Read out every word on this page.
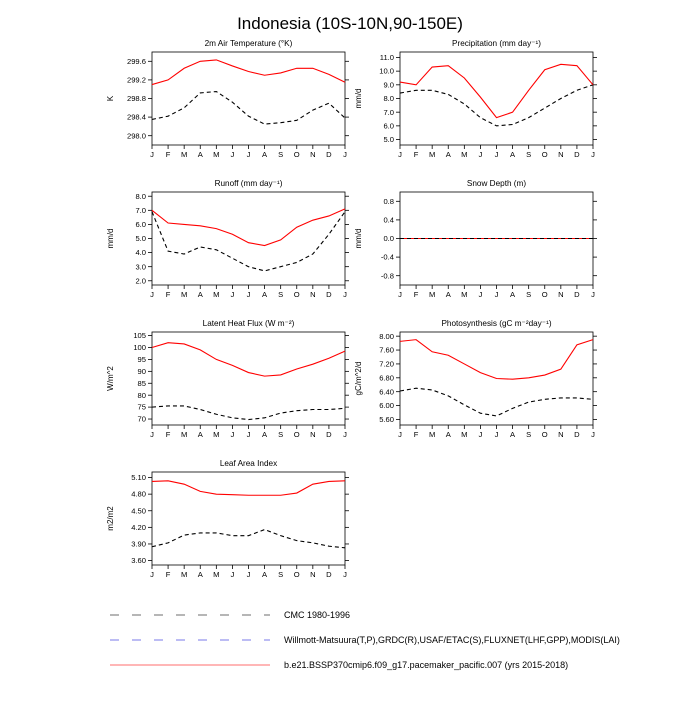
Indonesia (10S-10N,90-150E)
2m Air Temperature (°K)
K
299.6
299.2
298.8
298.4
298.0
J F M A M J J A S O N D J
Precipitation (mm day⁻¹)
mm/d
11.0
10.0
9.0
8.0
7.0
6.0
5.0
J F M A M J J A S O N D J
Runoff (mm day⁻¹)
mm/d
8.0
7.0
6.0
5.0
4.0
3.0
2.0
J F M A M J J A S O N D J
Snow Depth (m)
mm/d
0.8
0.4
0.0
-0.4
-0.8
J F M A M J J A S O N D J
Latent Heat Flux (W m⁻²)
W/m^2
105
100
95
90
85
80
75
70
J F M A M J J A S O N D J
Photosynthesis (gC m⁻²day⁻¹)
gC/m^2/d
8.00
7.60
7.20
6.80
6.40
6.00
5.60
J F M A M J J A S O N D J
Leaf Area Index
m2/m2
5.10
4.80
4.50
4.20
3.90
3.60
J F M A M J J A S O N D J
CMC 1980-1996
Willmott-Matsuura(T,P),GRDC(R),USAF/ETAC(S),FLUXNET(LHF,GPP),MODIS(LAI)
b.e21.BSSP370cmip6.f09_g17.pacemaker_pacific.007 (yrs 2015-2018)
